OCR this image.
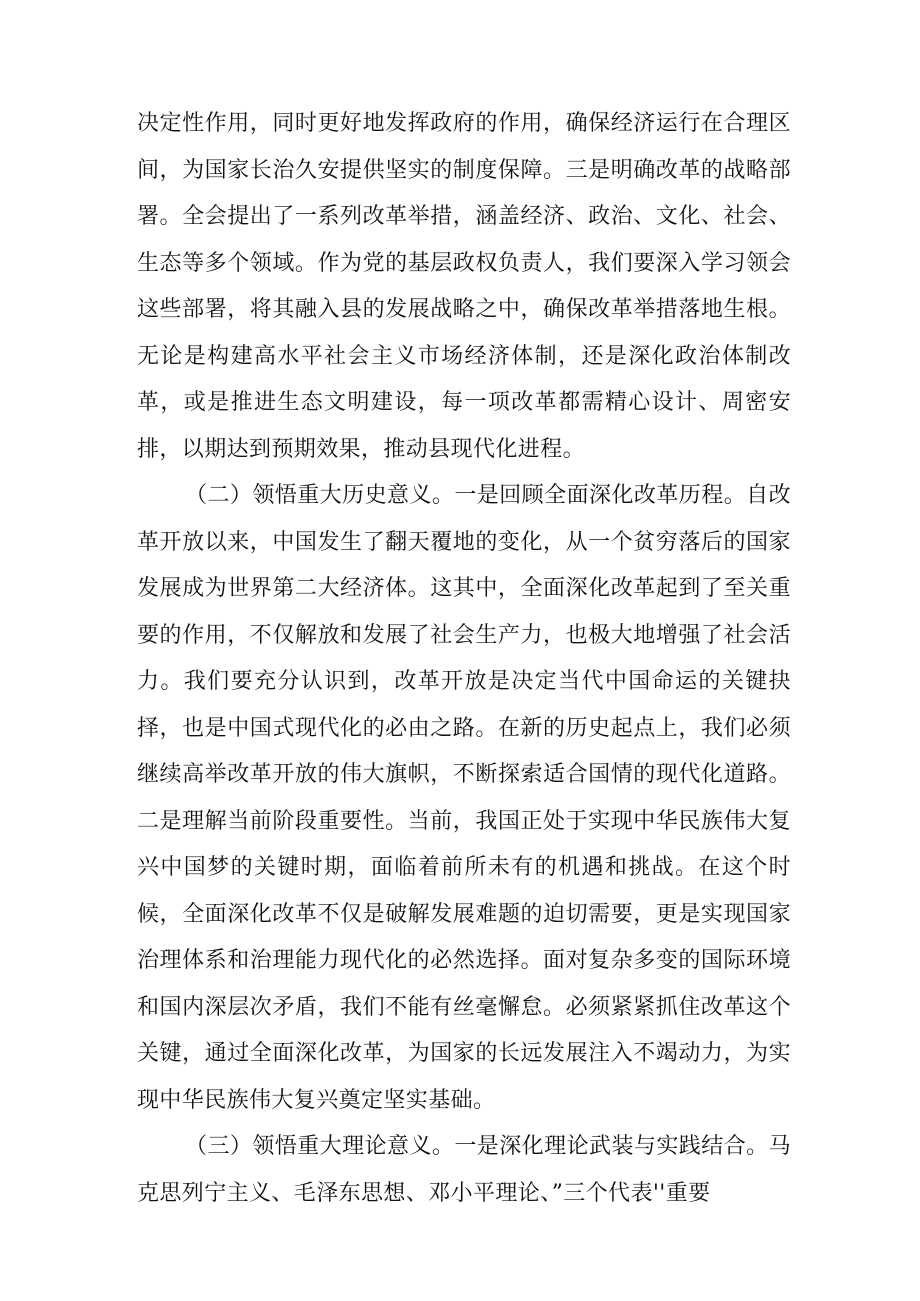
决定性作用，同时更好地发挥政府的作用，确保经济运行在合理区间，为国家长治久安提供坚实的制度保障。三是明确改革的战略部署。全会提出了一系列改革举措，涵盖经济、政治、文化、社会、生态等多个领域。作为党的基层政权负责人，我们要深入学习领会这些部署，将其融入县的发展战略之中，确保改革举措落地生根。无论是构建高水平社会主义市场经济体制，还是深化政治体制改革，或是推进生态文明建设，每一项改革都需精心设计、周密安排，以期达到预期效果，推动县现代化进程。

（二）领悟重大历史意义。一是回顾全面深化改革历程。自改革开放以来，中国发生了翻天覆地的变化，从一个贫穷落后的国家发展成为世界第二大经济体。这其中，全面深化改革起到了至关重要的作用，不仅解放和发展了社会生产力，也极大地增强了社会活力。我们要充分认识到，改革开放是决定当代中国命运的关键抉择，也是中国式现代化的必由之路。在新的历史起点上，我们必须继续高举改革开放的伟大旗帜，不断探索适合国情的现代化道路。二是理解当前阶段重要性。当前，我国正处于实现中华民族伟大复兴中国梦的关键时期，面临着前所未有的机遇和挑战。在这个时候，全面深化改革不仅是破解发展难题的迫切需要，更是实现国家治理体系和治理能力现代化的必然选择。面对复杂多变的国际环境和国内深层次矛盾，我们不能有丝毫懈怠。必须紧紧抓住改革这个关键，通过全面深化改革，为国家的长远发展注入不竭动力，为实现中华民族伟大复兴奠定坚实基础。

（三）领悟重大理论意义。一是深化理论武装与实践结合。马克思列宁主义、毛泽东思想、邓小平理论、”三个代表''重要
